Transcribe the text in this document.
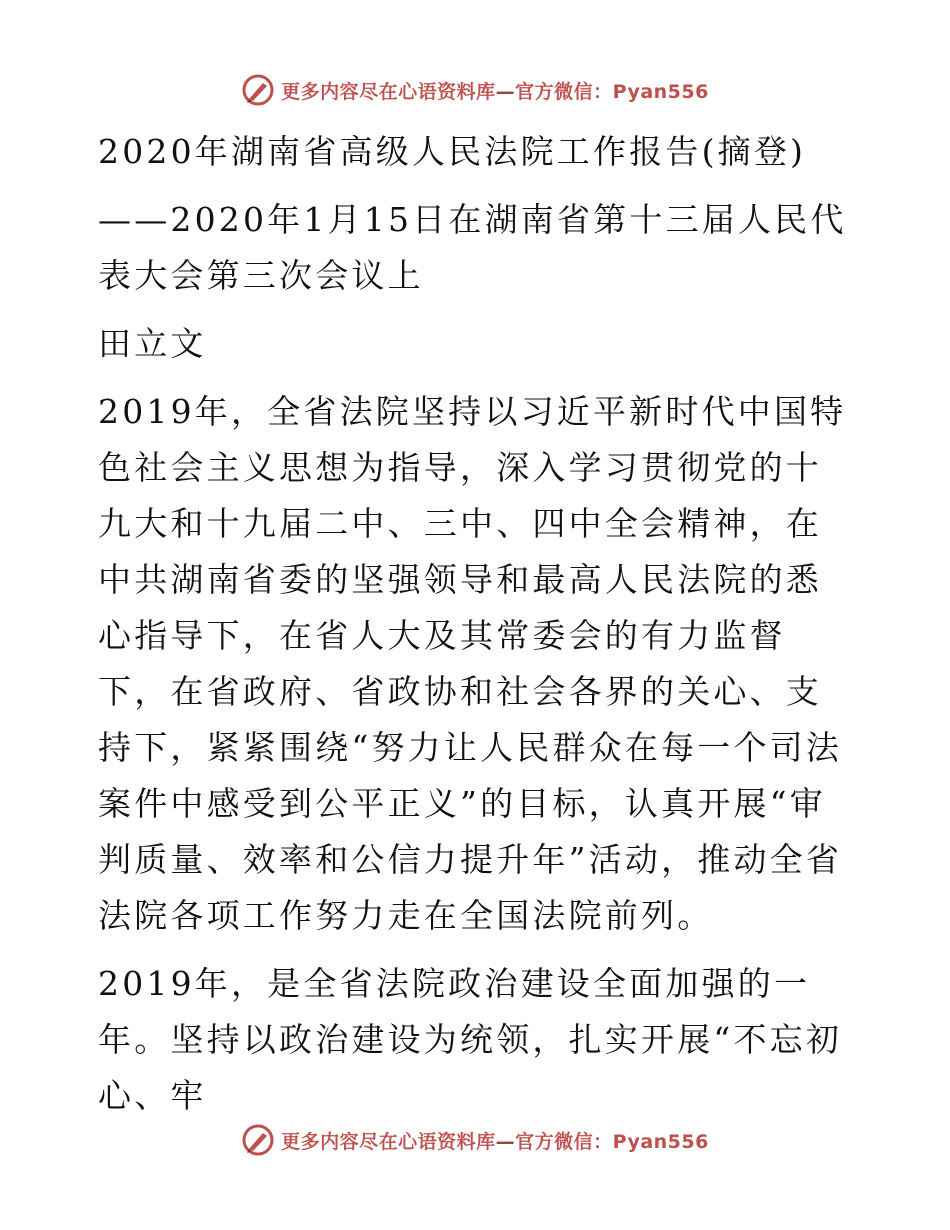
更多内容尽在心语资料库—官方微信：Pyan556

2020年湖南省高级人民法院工作报告(摘登)

——2020年1月15日在湖南省第十三届人民代表大会第三次会议上

田立文

2019年，全省法院坚持以习近平新时代中国特色社会主义思想为指导，深入学习贯彻党的十九大和十九届二中、三中、四中全会精神，在中共湖南省委的坚强领导和最高人民法院的悉心指导下，在省人大及其常委会的有力监督下，在省政府、省政协和社会各界的关心、支持下，紧紧围绕“努力让人民群众在每一个司法案件中感受到公平正义”的目标，认真开展“审判质量、效率和公信力提升年”活动，推动全省法院各项工作努力走在全国法院前列。

2019年，是全省法院政治建设全面加强的一年。坚持以政治建设为统领，扎实开展“不忘初心、牢

更多内容尽在心语资料库—官方微信：Pyan556
